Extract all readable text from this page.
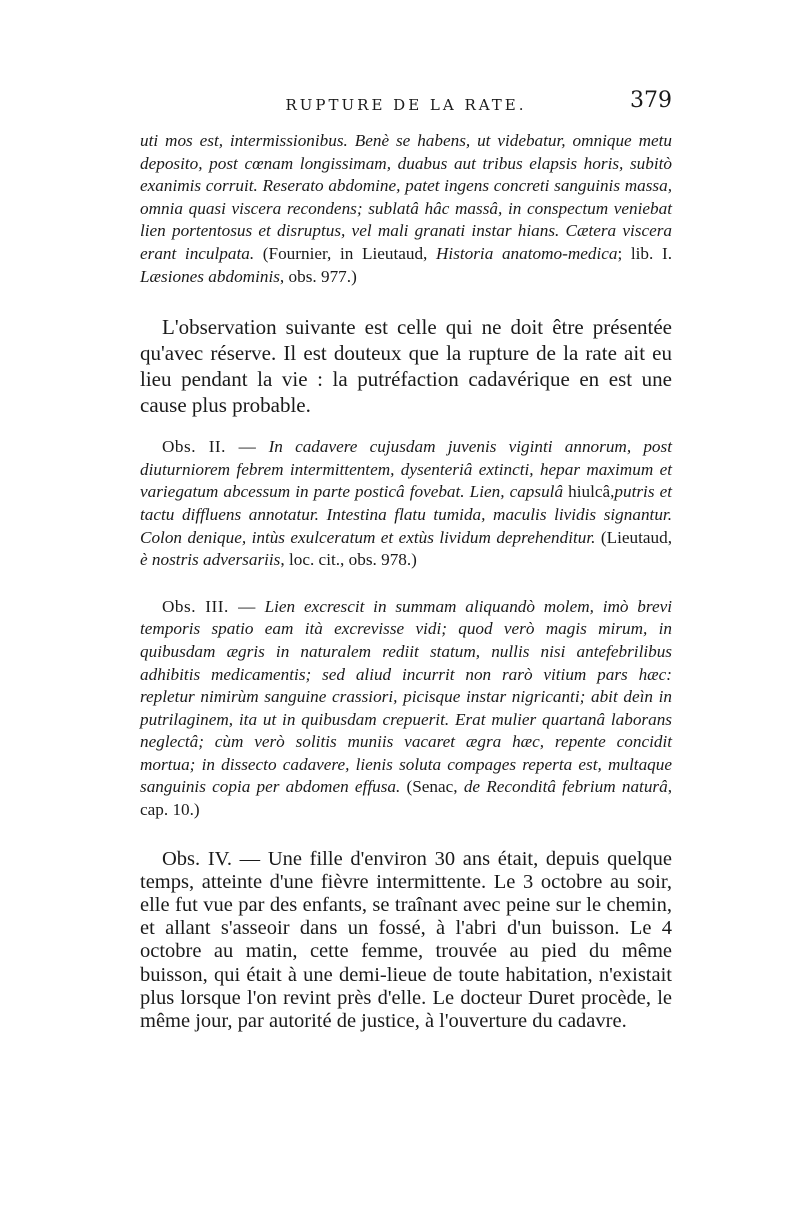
RUPTURE DE LA RATE.	379

uti mos est, intermissionibus. Benè se habens, ut videbatur, omnique metu deposito, post cœnam longissimam, duabus aut tribus elapsis horis, subitò exanimis corruit. Reserato abdomine, patet ingens concreti sanguinis massa, omnia quasi viscera recondens; sublatâ hâc massâ, in conspectum veniebat lien portentosus et disruptus, vel mali granati instar hians. Cætera viscera erant inculpata. (Fournier, in Lieutaud, Historia anatomo-medica; lib. I. Læsiones abdominis, obs. 977.)

L'observation suivante est celle qui ne doit être présentée qu'avec réserve. Il est douteux que la rupture de la rate ait eu lieu pendant la vie : la putréfaction cadavérique en est une cause plus probable.

Obs. II. — In cadavere cujusdam juvenis viginti annorum, post diuturniorem febrem intermittentem, dysenteriâ extincti, hepar maximum et variegatum abcessum in parte posticâ fovebat. Lien, capsulâ hiulcâ,putris et tactu diffluens annotatur. Intestina flatu tumida, maculis lividis signantur. Colon denique, intùs exulceratum et extùs lividum deprehenditur. (Lieutaud, è nostris adversariis, loc. cit., obs. 978.)

Obs. III. — Lien excrescit in summam aliquandò molem, imò brevi temporis spatio eam ità excrevisse vidi; quod verò magis mirum, in quibusdam ægris in naturalem rediit statum, nullis nisi antefebrilibus adhibitis medicamentis; sed aliud incurrit non rarò vitium pars hæc: repletur nimirùm sanguine crassiori, picisque instar nigricanti; abit deìn in putrilaginem, ita ut in quibusdam crepuerit. Erat mulier quartanâ laborans neglectâ; cùm verò solitis muniis vacaret ægra hæc, repente concidit mortua; in dissecto cadavere, lienis soluta compages reperta est, multaque sanguinis copia per abdomen effusa. (Senac, de Reconditâ febrium naturâ, cap. 10.)

Obs. IV. — Une fille d'environ 30 ans était, depuis quelque temps, atteinte d'une fièvre intermittente. Le 3 octobre au soir, elle fut vue par des enfants, se traînant avec peine sur le chemin, et allant s'asseoir dans un fossé, à l'abri d'un buisson. Le 4 octobre au matin, cette femme, trouvée au pied du même buisson, qui était à une demi-lieue de toute habitation, n'existait plus lorsque l'on revint près d'elle. Le docteur Duret procède, le même jour, par autorité de justice, à l'ouverture du cadavre.
